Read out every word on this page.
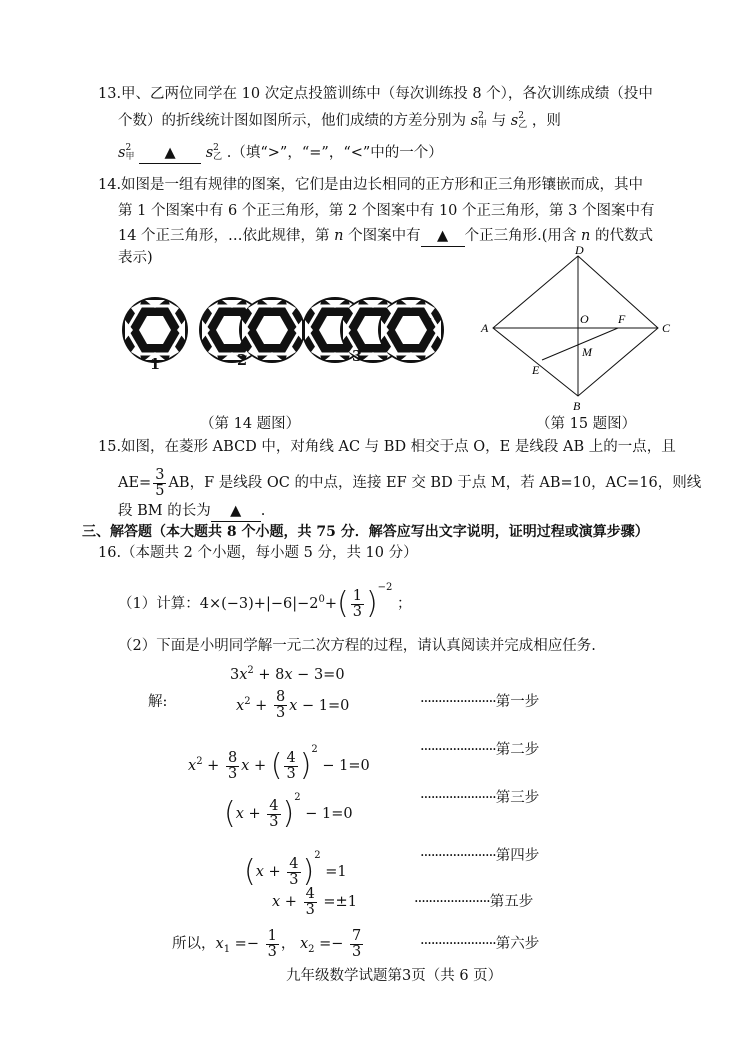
13.甲、乙两位同学在 10 次定点投篮训练中（每次训练投 8 个），各次训练成绩（投中
个数）的折线统计图如图所示，他们成绩的方差分别为 s 2
甲 与 s 2
乙 ，则
s 2
甲 ▲ s 2
乙 .（填“>”，“=”，“<”中的一个）
14.如图是一组有规律的图案，它们是由边长相同的正方形和正三角形镶嵌而成，其中
第 1 个图案中有 6 个正三角形，第 2 个图案中有 10 个正三角形，第 3 个图案中有
14 个正三角形，…依此规律，第 n 个图案中有 ▲ 个正三角形.(用含 n 的代数式
表示)
1	2	3
…
（第 14 题图）
D
C
A
B
O F
M
E
（第 15 题图）
15.如图，在菱形 ABCD 中，对角线 AC 与 BD 相交于点 O，E 是线段 AB 上的一点，且
$AE= \frac{3}{5}$ AB，F 是线段 OC 的中点，连接 EF 交 BD 于点 M，若 AB=10，AC=16，则线
段 BM 的长为 ▲ .
三、解答题（本大题共 8 个小题，共 75 分．解答应写出文字说明，证明过程或演算步骤）
16.（本题共 2 个小题，每小题 5 分，共 10 分）
（1）计算：$4\times(-3)+|-6|-2^0+( \frac{1}{3} )^{-2}$ ；
（2）下面是小明同学解一元二次方程的过程，请认真阅读并完成相应任务.
$3x^2 + 8x - 3=0$
解:	$x^2 + \frac{8}{3}$ x − 1=0	·····················第一步
$x^2 + \frac{8}{3}$ x + ( $\frac{4}{3} )^2 - 1=0$
·····················第二步
$(x + \frac{4}{3} )^2 - 1=0$
·····················第三步
$(x + \frac{4}{3} )^2 =1$
·····················第四步
$x + \frac{4}{3} =\pm 1$	·····················第五步
所以，$x_1 =- \frac{1}{3}$ ， $x_2 =- \frac{7}{3}$	·····················第六步
九年级数学试题第3页（共 6 页）
